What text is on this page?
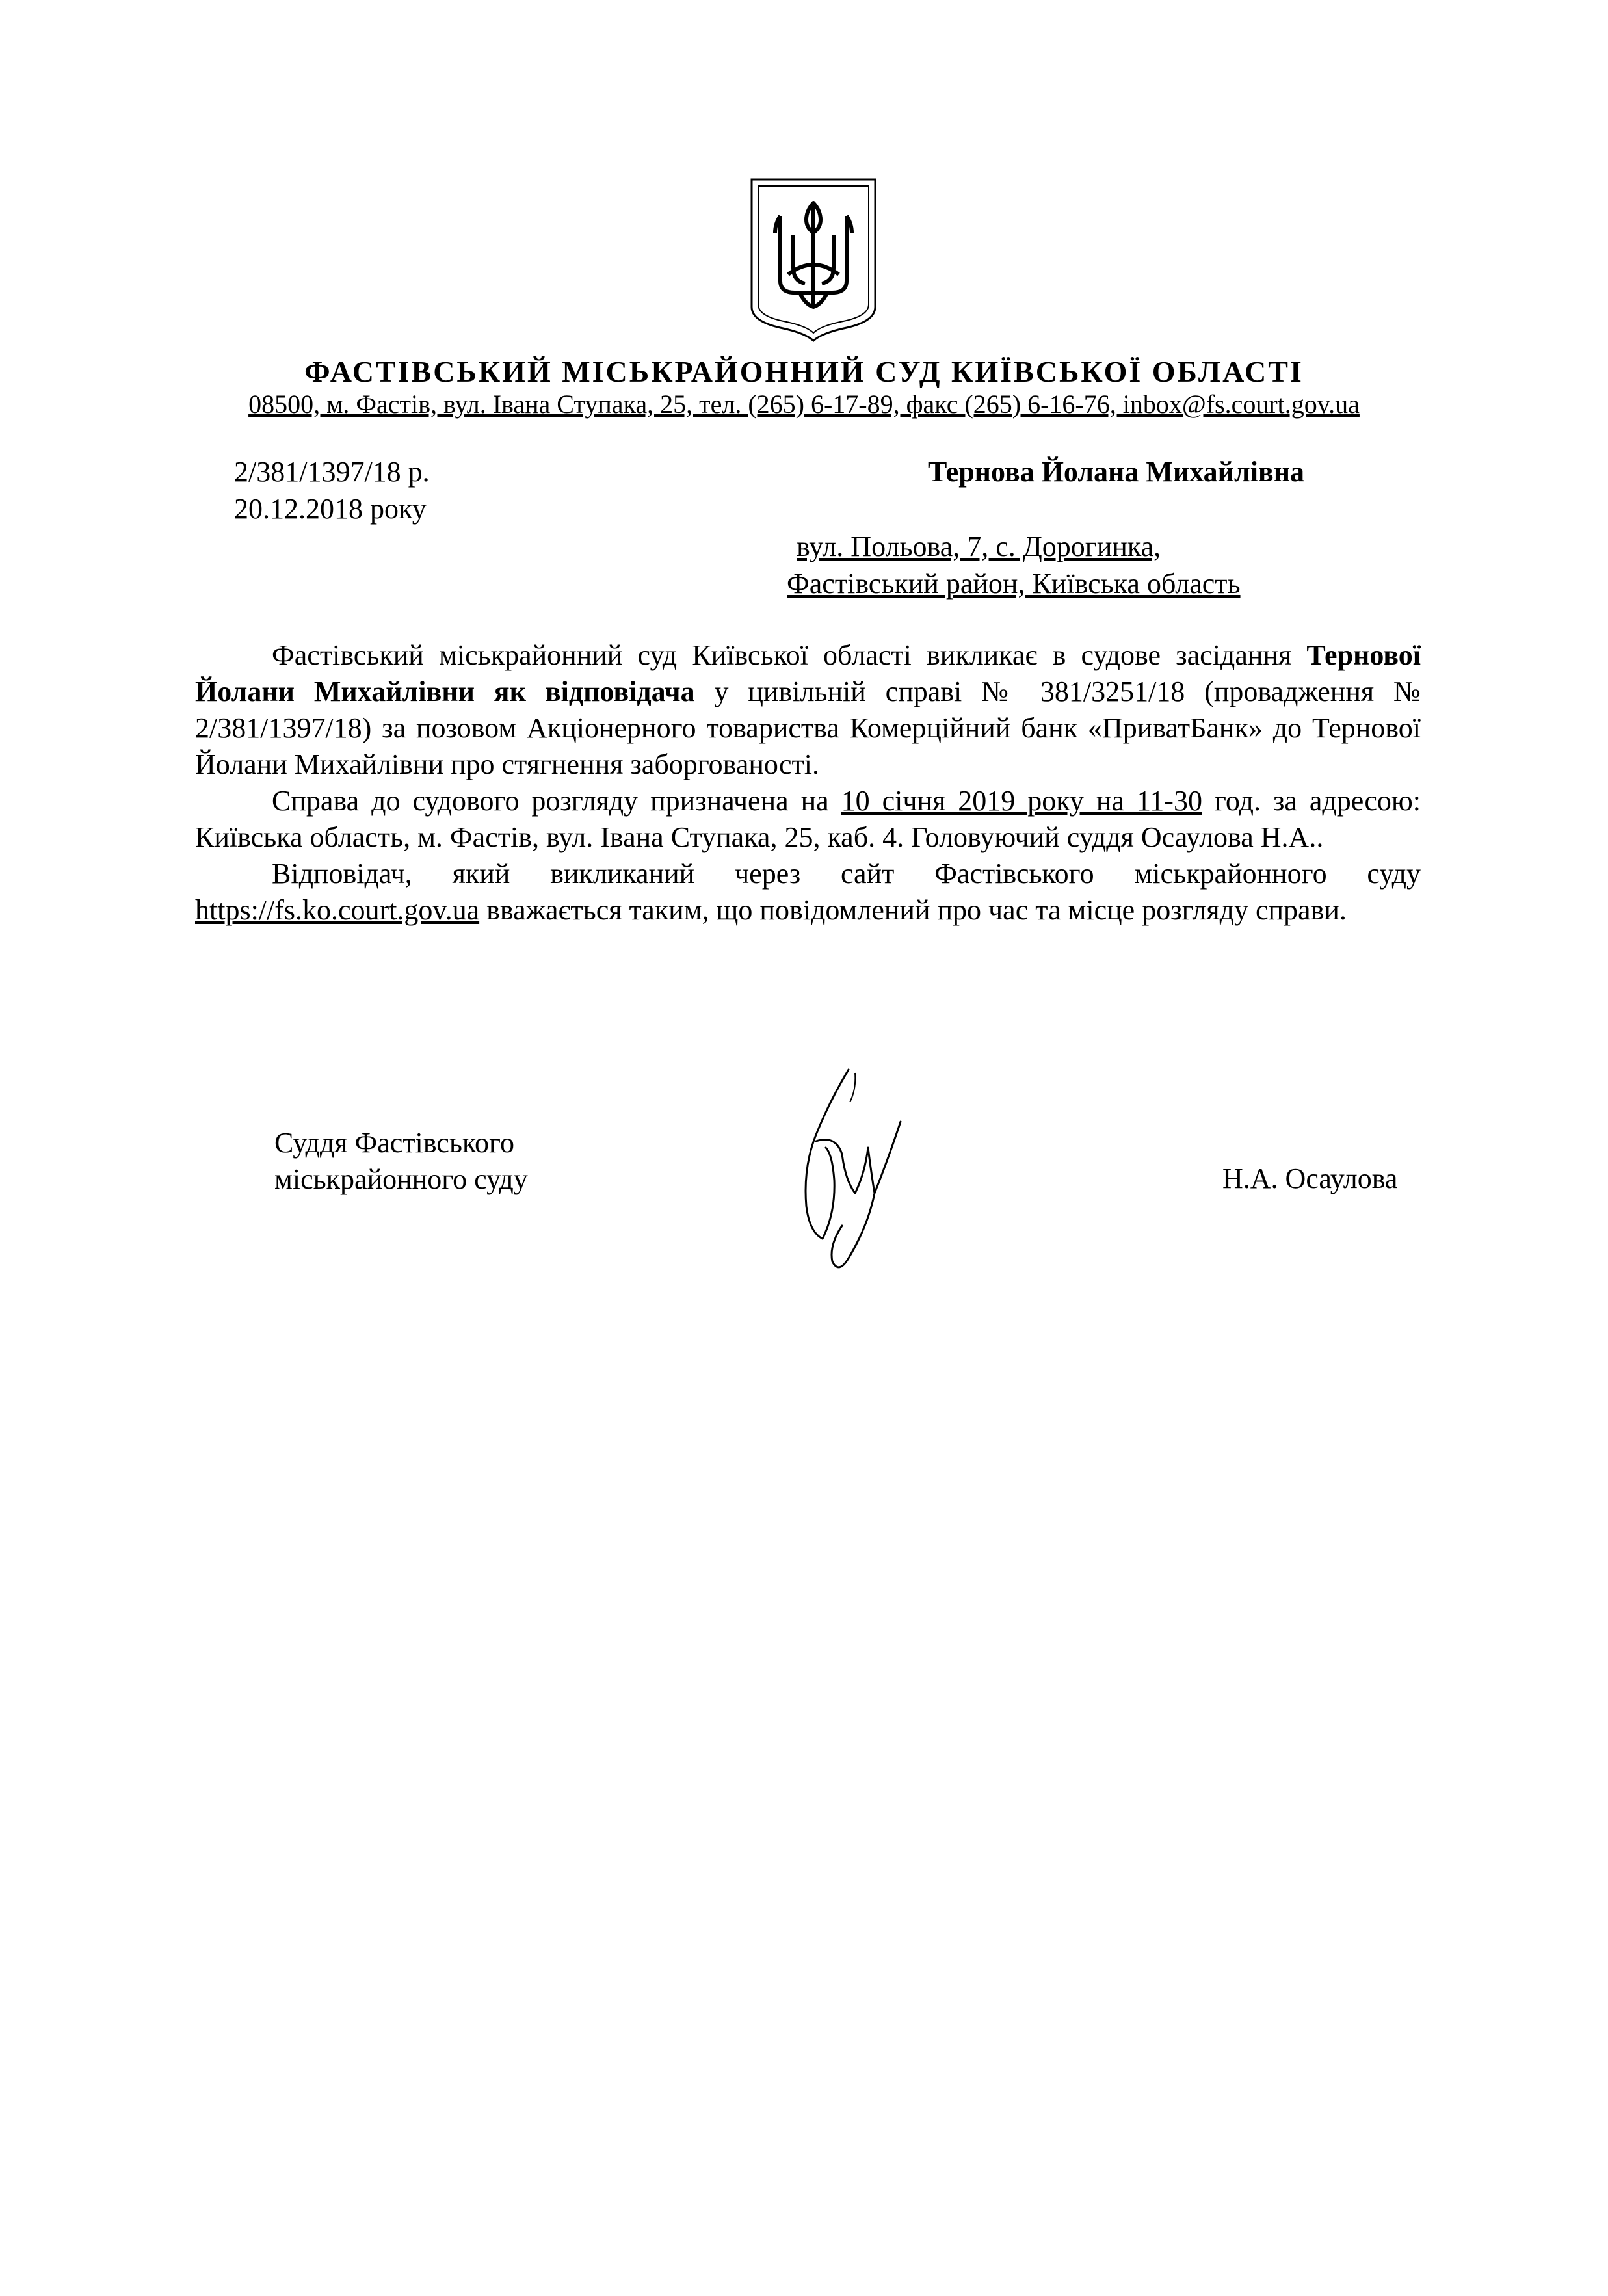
ФАСТІВСЬКИЙ МІСЬКРАЙОННИЙ СУД КИЇВСЬКОЇ ОБЛАСТІ
08500, м. Фастів, вул. Івана Ступака, 25, тел. (265) 6-17-89, факс (265) 6-16-76, inbox@fs.court.gov.ua
2/381/1397/18 р.
20.12.2018 року
Тернова Йолана Михайлівна
вул. Польова, 7, с. Дорогинка,
Фастівський район, Київська область

Фастівський міськрайонний суд Київської області викликає в судове засідання Тернової Йолани Михайлівни як відповідача у цивільній справі № 381/3251/18 (провадження № 2/381/1397/18) за позовом Акціонерного товариства Комерційний банк «ПриватБанк» до Тернової Йолани Михайлівни про стягнення заборгованості.

Справа до судового розгляду призначена на 10 січня 2019 року на 11-30 год. за адресою: Київська область, м. Фастів, вул. Івана Ступака, 25, каб. 4. Головуючий суддя Осаулова Н.А..

Відповідач, який викликаний через сайт Фастівського міськрайонного суду https://fs.ko.court.gov.ua вважається таким, що повідомлений про час та місце розгляду справи.

Суддя Фастівського
міськрайонного суду	Н.А. Осаулова
